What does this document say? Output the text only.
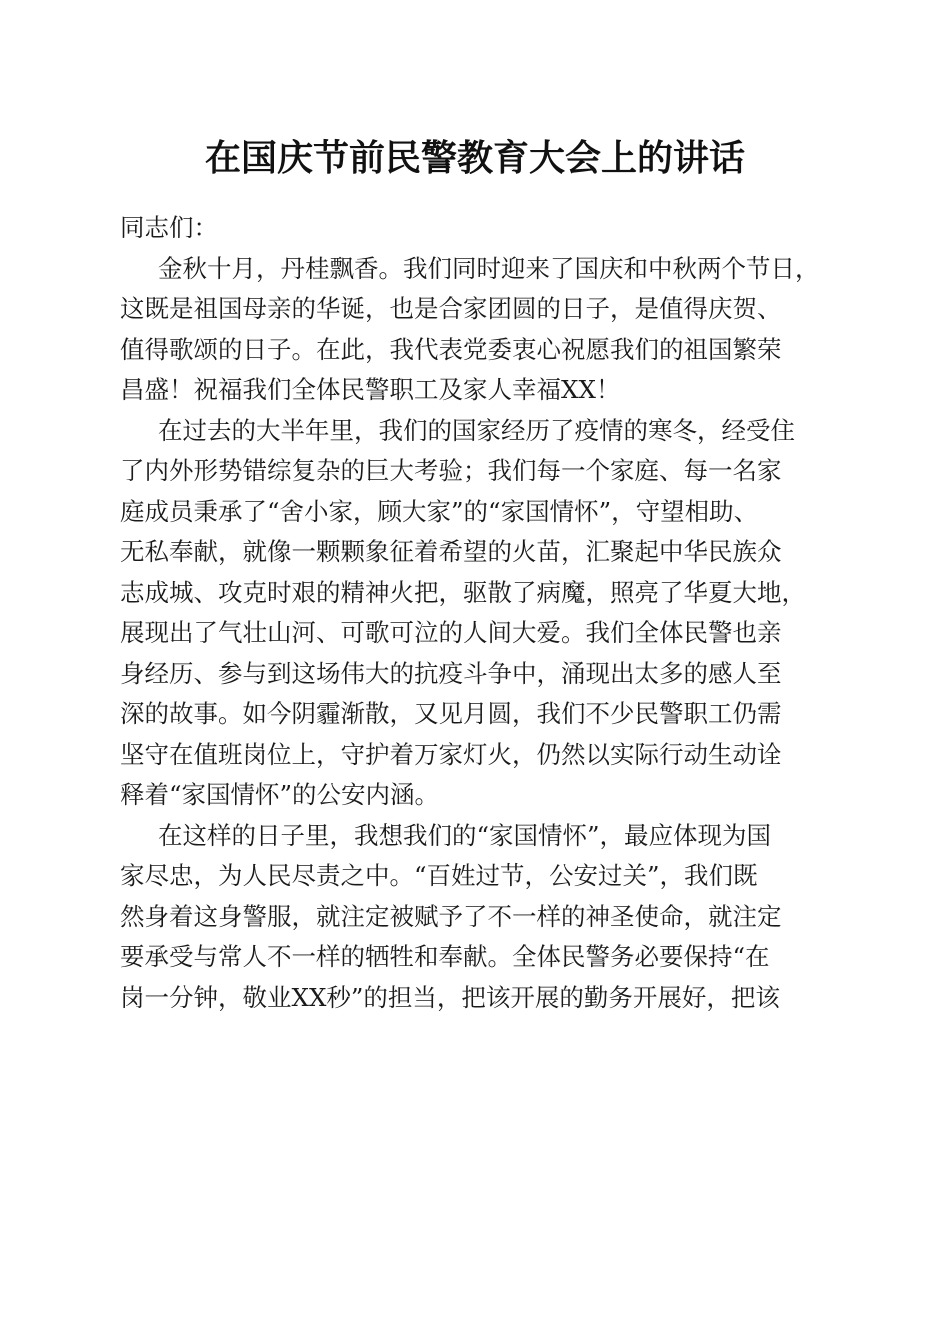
在国庆节前民警教育大会上的讲话
同志们：
金秋十月，丹桂飘香。我们同时迎来了国庆和中秋两个节日，
这既是祖国母亲的华诞，也是合家团圆的日子，是值得庆贺、
值得歌颂的日子。在此，我代表党委衷心祝愿我们的祖国繁荣
昌盛！祝福我们全体民警职工及家人幸福XX！
在过去的大半年里，我们的国家经历了疫情的寒冬，经受住
了内外形势错综复杂的巨大考验；我们每一个家庭、每一名家
庭成员秉承了“舍小家，顾大家”的“家国情怀”，守望相助、
无私奉献，就像一颗颗象征着希望的火苗，汇聚起中华民族众
志成城、攻克时艰的精神火把，驱散了病魔，照亮了华夏大地，
展现出了气壮山河、可歌可泣的人间大爱。我们全体民警也亲
身经历、参与到这场伟大的抗疫斗争中，涌现出太多的感人至
深的故事。如今阴霾渐散，又见月圆，我们不少民警职工仍需
坚守在值班岗位上，守护着万家灯火，仍然以实际行动生动诠
释着“家国情怀”的公安内涵。
在这样的日子里，我想我们的“家国情怀”，最应体现为国
家尽忠，为人民尽责之中。“百姓过节，公安过关”，我们既
然身着这身警服，就注定被赋予了不一样的神圣使命，就注定
要承受与常人不一样的牺牲和奉献。全体民警务必要保持“在
岗一分钟，敬业XX秒”的担当，把该开展的勤务开展好，把该
